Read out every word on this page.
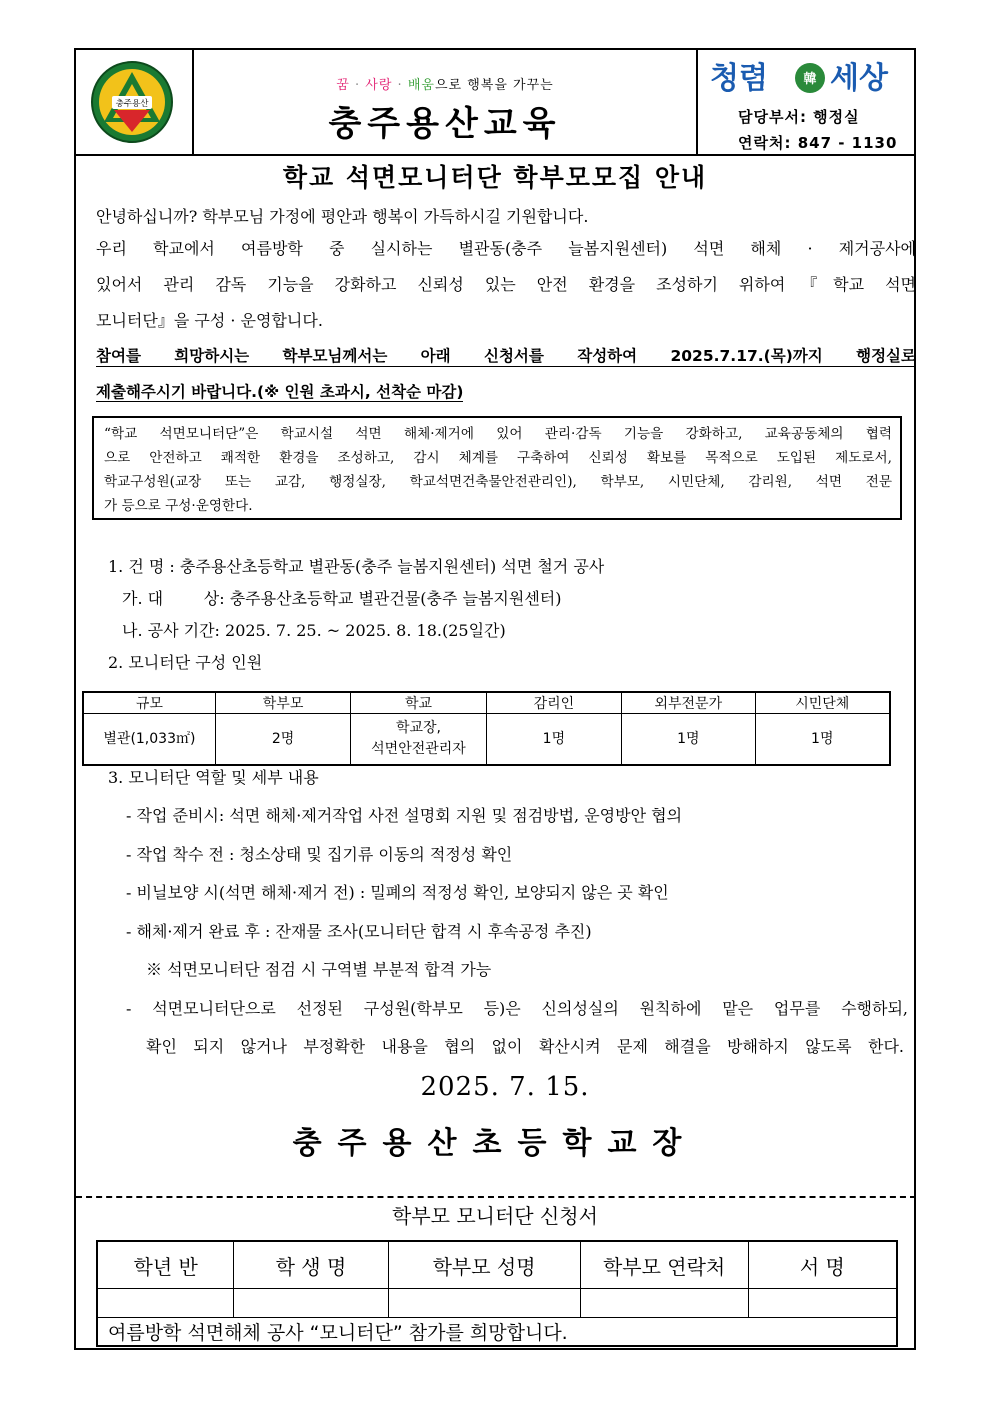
충주용산
꿈 · 사랑 · 배움으로 행복을 가꾸는
충주용산교육
청렴	韓 세상
담당부서: 행정실
연락처: 847 - 1130
학교 석면모니터단 학부모모집 안내
안녕하십니까? 학부모님 가정에 평안과 행복이 가득하시길 기원합니다.
우리 학교에서 여름방학 중 실시하는 별관동(충주 늘봄지원센터) 석면 해체 · 제거공사에
있어서 관리 감독 기능을 강화하고 신뢰성 있는 안전 환경을 조성하기 위하여『학교 석면
모니터단』을 구성 · 운영합니다.
참여를 희망하시는 학부모님께서는 아래 신청서를 작성하여 2025.7.17.(목)까지 행정실로
제출해주시기 바랍니다.(※ 인원 초과시, 선착순 마감)
“학교 석면모니터단”은 학교시설 석면 해체·제거에 있어 관리·감독 기능을 강화하고, 교육공동체의 협력
으로 안전하고 쾌적한 환경을 조성하고, 감시 체계를 구축하여 신뢰성 확보를 목적으로 도입된 제도로서,
학교구성원(교장 또는 교감, 행정실장, 학교석면건축물안전관리인), 학부모, 시민단체, 감리원, 석면 전문
가 등으로 구성·운영한다.
1. 건 명 : 충주용산초등학교 별관동(충주 늘봄지원센터) 석면 철거 공사
가. 대        상: 충주용산초등학교 별관건물(충주 늘봄지원센터)
나. 공사 기간: 2025. 7. 25. ~ 2025. 8. 18.(25일간)
2. 모니터단 구성 인원
규모	학부모	학교	감리인	외부전문가	시민단체
별관(1,033㎡)	2명	학교장,
석면안전관리자	1명	1명	1명
3. 모니터단 역할 및 세부 내용
- 작업 준비시: 석면 해체·제거작업 사전 설명회 지원 및 점검방법, 운영방안 협의
- 작업 착수 전 : 청소상태 및 집기류 이동의 적정성 확인
- 비닐보양 시(석면 해체·제거 전) : 밀폐의 적정성 확인, 보양되지 않은 곳 확인
- 해체·제거 완료 후 : 잔재물 조사(모니터단 합격 시 후속공정 추진)
※ 석면모니터단 점검 시 구역별 부분적 합격 가능
- 석면모니터단으로 선정된 구성원(학부모 등)은 신의성실의 원칙하에 맡은 업무를 수행하되,
확인 되지 않거나 부정확한 내용을 협의 없이 확산시켜 문제 해결을 방해하지 않도록 한다.
2025. 7. 15.
충주용산초등학교장
학부모 모니터단 신청서
학년 반	학 생 명	학부모 성명	학부모 연락처	서 명

여름방학 석면해체 공사 “모니터단” 참가를 희망합니다.				
